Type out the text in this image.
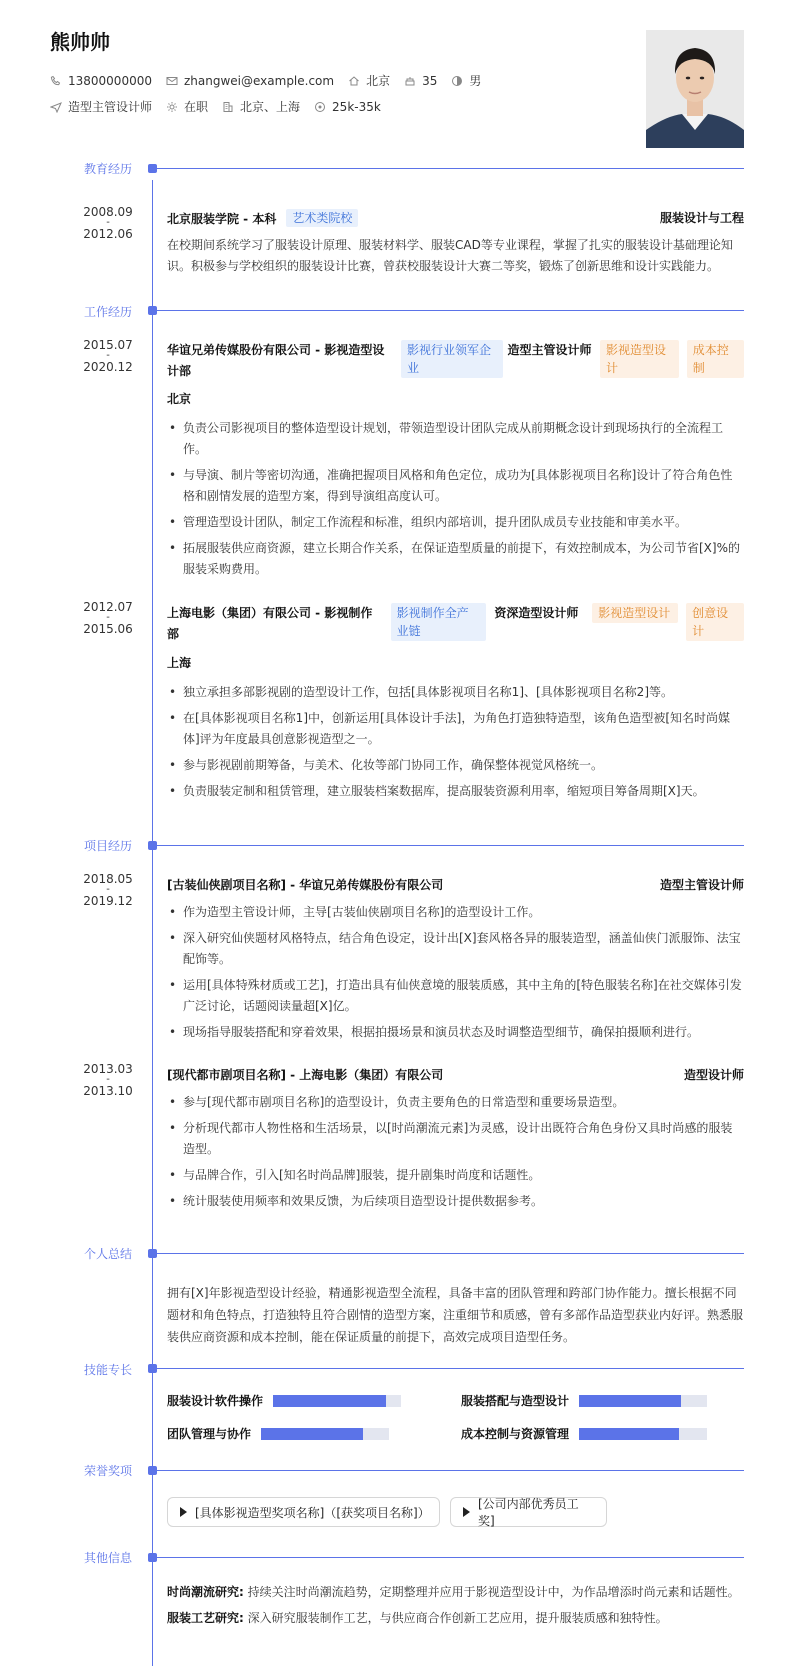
熊帅帅
13800000000	zhangwei@example.com	北京	35	男
造型主管设计师	在职	北京、上海	25k-35k
教育经历
2008.09
-
2012.06
北京服装学院 - 本科	艺术类院校	服装设计与工程
在校期间系统学习了服装设计原理、服装材料学、服装CAD等专业课程，掌握了扎实的服装设计基础理论知识。积极参与学校组织的服装设计比赛，曾获校服装设计大赛二等奖，锻炼了创新思维和设计实践能力。
工作经历
2015.07
-
2020.12
华谊兄弟传媒股份有限公司 - 影视造型设计部
影视行业领军企业
造型主管设计师	影视造型设计
成本控制
北京
• 负责公司影视项目的整体造型设计规划，带领造型设计团队完成从前期概念设计到现场执行的全流程工作。
• 与导演、制片等密切沟通，准确把握项目风格和角色定位，成功为[具体影视项目名称]设计了符合角色性格和剧情发展的造型方案，得到导演组高度认可。
• 管理造型设计团队，制定工作流程和标准，组织内部培训，提升团队成员专业技能和审美水平。
• 拓展服装供应商资源，建立长期合作关系，在保证造型质量的前提下，有效控制成本，为公司节省[X]%的服装采购费用。
2012.07
-
2015.06
上海电影（集团）有限公司 - 影视制作部
影视制作全产业链
资深造型设计师	影视造型设计	创意设计
上海
• 独立承担多部影视剧的造型设计工作，包括[具体影视项目名称1]、[具体影视项目名称2]等。
• 在[具体影视项目名称1]中，创新运用[具体设计手法]，为角色打造独特造型，该角色造型被[知名时尚媒体]评为年度最具创意影视造型之一。
• 参与影视剧前期筹备，与美术、化妆等部门协同工作，确保整体视觉风格统一。
• 负责服装定制和租赁管理，建立服装档案数据库，提高服装资源利用率，缩短项目筹备周期[X]天。
项目经历
2018.05
-
2019.12
[古装仙侠剧项目名称] - 华谊兄弟传媒股份有限公司	造型主管设计师
• 作为造型主管设计师，主导[古装仙侠剧项目名称]的造型设计工作。
• 深入研究仙侠题材风格特点，结合角色设定，设计出[X]套风格各异的服装造型，涵盖仙侠门派服饰、法宝配饰等。
• 运用[具体特殊材质或工艺]，打造出具有仙侠意境的服装质感，其中主角的[特色服装名称]在社交媒体引发广泛讨论，话题阅读量超[X]亿。
• 现场指导服装搭配和穿着效果，根据拍摄场景和演员状态及时调整造型细节，确保拍摄顺利进行。
2013.03
-
2013.10
[现代都市剧项目名称] - 上海电影（集团）有限公司	造型设计师
• 参与[现代都市剧项目名称]的造型设计，负责主要角色的日常造型和重要场景造型。
• 分析现代都市人物性格和生活场景，以[时尚潮流元素]为灵感，设计出既符合角色身份又具时尚感的服装造型。
• 与品牌合作，引入[知名时尚品牌]服装，提升剧集时尚度和话题性。
• 统计服装使用频率和效果反馈，为后续项目造型设计提供数据参考。
个人总结
拥有[X]年影视造型设计经验，精通影视造型全流程，具备丰富的团队管理和跨部门协作能力。擅长根据不同题材和角色特点，打造独特且符合剧情的造型方案，注重细节和质感，曾有多部作品造型获业内好评。熟悉服装供应商资源和成本控制，能在保证质量的前提下，高效完成项目造型任务。
技能专长
服装设计软件操作	服装搭配与造型设计
团队管理与协作	成本控制与资源管理
荣誉奖项
[具体影视造型奖项名称]（[获奖项目名称]）
[公司内部优秀员工奖]
其他信息
时尚潮流研究: 持续关注时尚潮流趋势，定期整理并应用于影视造型设计中，为作品增添时尚元素和话题性。
服装工艺研究: 深入研究服装制作工艺，与供应商合作创新工艺应用，提升服装质感和独特性。
